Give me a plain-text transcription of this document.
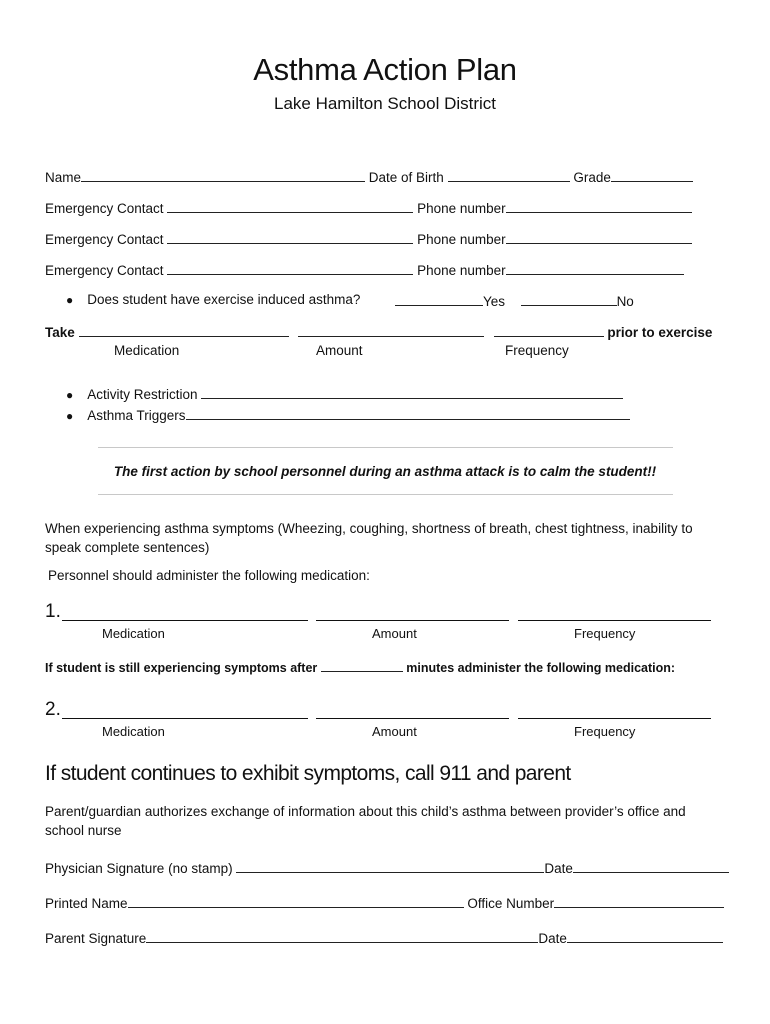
Asthma Action Plan
Lake Hamilton School District
Name	Date of Birth	Grade
Emergency Contact	Phone number
Emergency Contact	Phone number
Emergency Contact	Phone number
● Does student have exercise induced asthma?	Yes	No
Take	prior to exercise
Medication	Amount	Frequency
● Activity Restriction
● Asthma Triggers
The first action by school personnel during an asthma attack is to calm the student!!
When experiencing asthma symptoms (Wheezing, coughing, shortness of breath, chest tightness, inability to speak complete sentences)
Personnel should administer the following medication:
1.
Medication	Amount	Frequency
If student is still experiencing symptoms after	minutes administer the following medication:
2.
Medication	Amount	Frequency
If student continues to exhibit symptoms, call 911 and parent
Parent/guardian authorizes exchange of information about this child’s asthma between provider’s office and school nurse
Physician Signature (no stamp)	Date
Printed Name	Office Number
Parent Signature	Date
